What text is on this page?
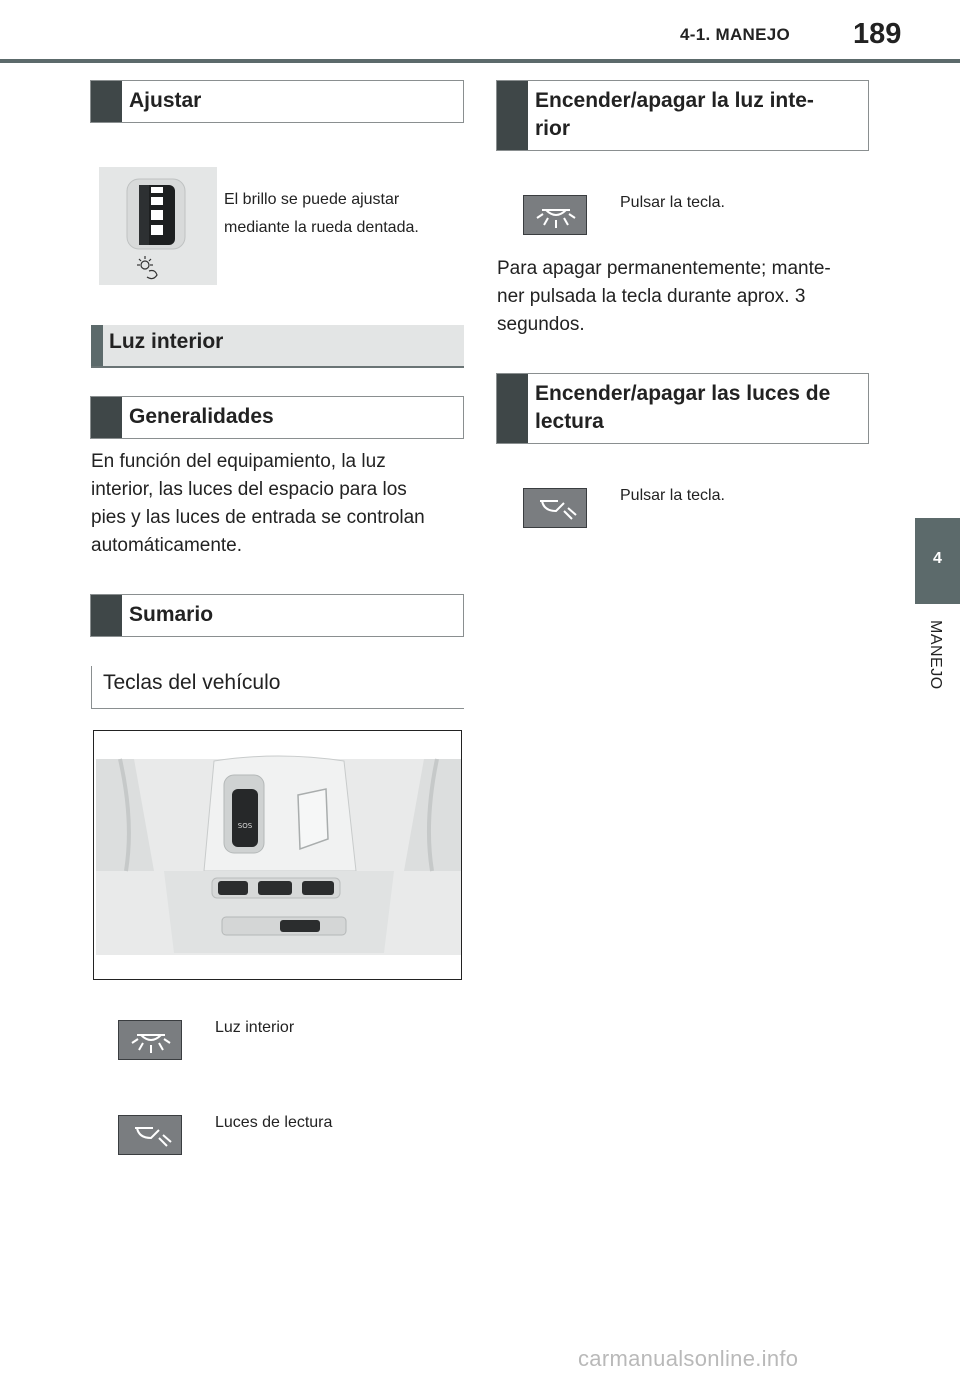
4-1. MANEJO 189
4
MANEJO
Ajustar
El brillo se puede ajustar
mediante la rueda dentada.
Luz interior
Generalidades
En función del equipamiento, la luz
interior, las luces del espacio para los
pies y las luces de entrada se controlan
automáticamente.
Sumario
Teclas del vehículo
SOS
Luz interior
Luces de lectura
Encender/apagar la luz inte-
rior
Pulsar la tecla.
Para apagar permanentemente; mante-
ner pulsada la tecla durante aprox. 3
segundos.
Encender/apagar las luces de
lectura
Pulsar la tecla.
carmanualsonline.info
